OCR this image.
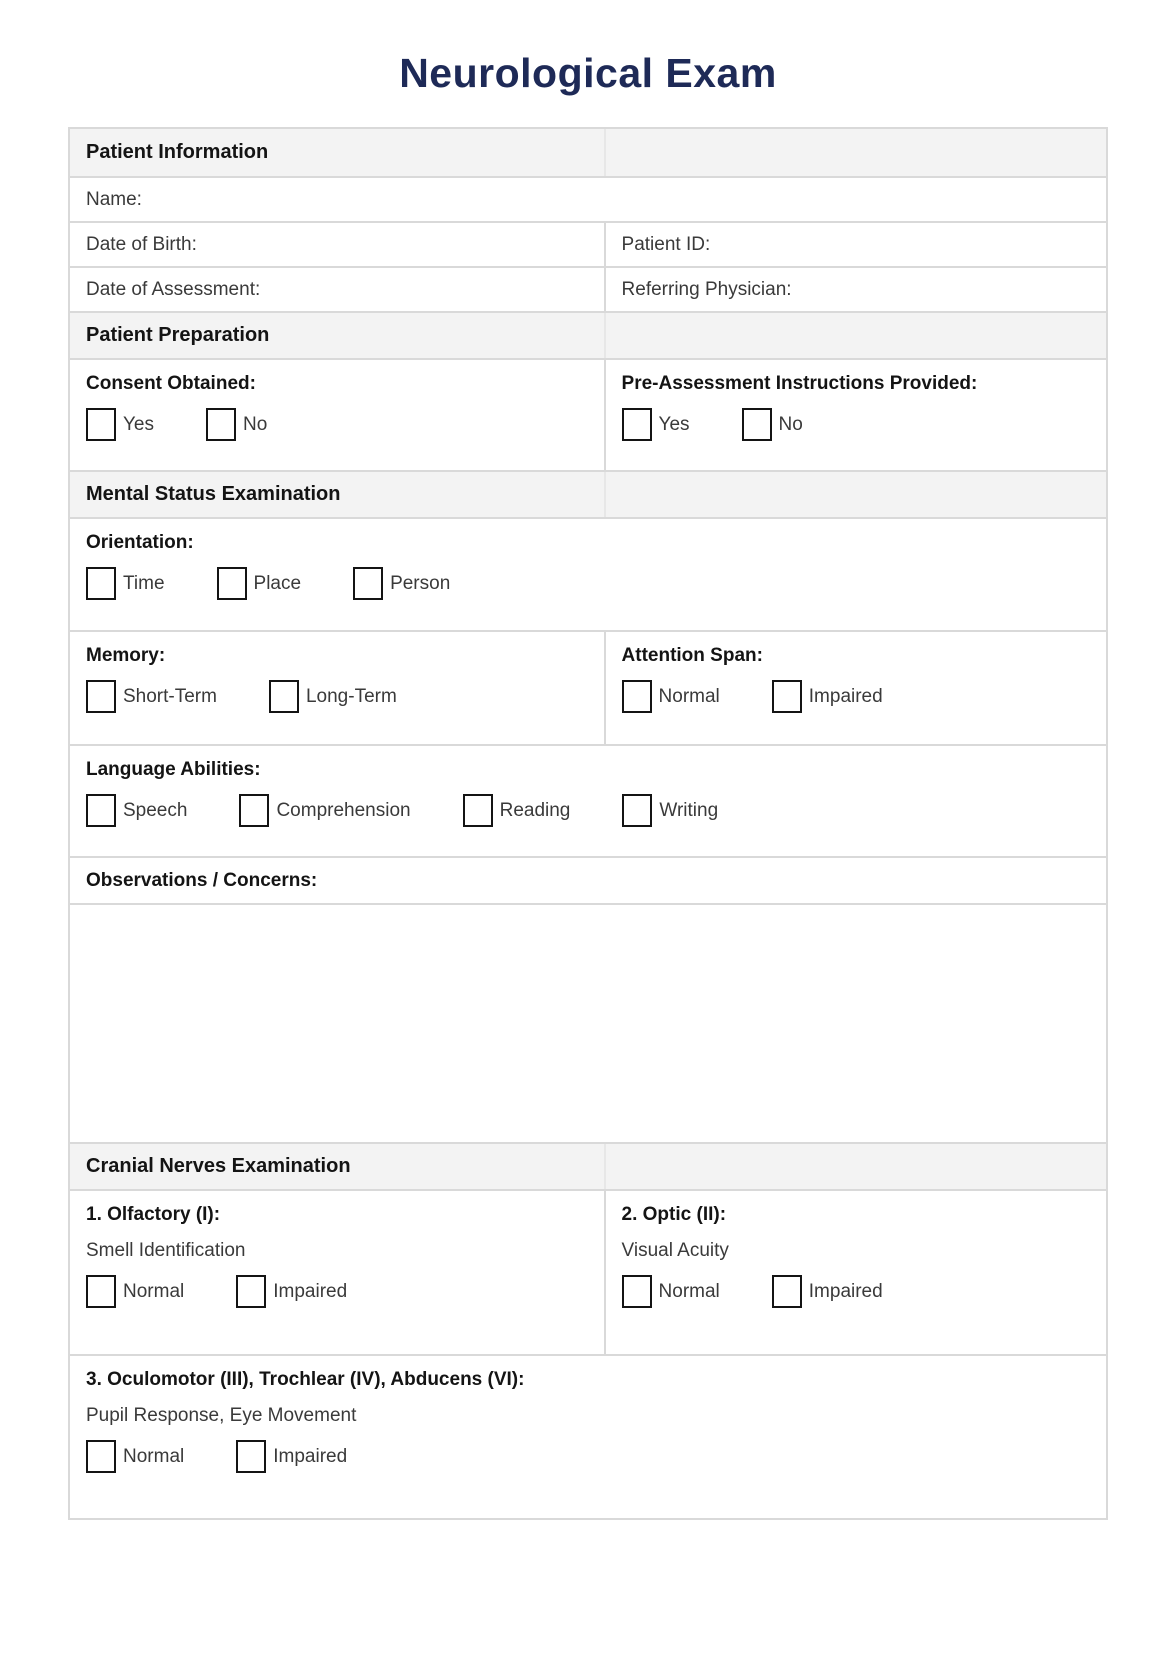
Neurological Exam
Patient Information
Name:
Date of Birth:	Patient ID:
Date of Assessment:	Referring Physician:
Patient Preparation
Consent Obtained:
Yes	No
Pre-Assessment Instructions Provided:
Yes	No
Mental Status Examination
Orientation:
Time	Place	Person
Memory:
Short-Term	Long-Term
Attention Span:
Normal	Impaired
Language Abilities:
Speech	Comprehension	Reading	Writing
Observations / Concerns:
Cranial Nerves Examination
1. Olfactory (I):
Smell Identification
Normal	Impaired
2. Optic (II):
Visual Acuity
Normal	Impaired
3. Oculomotor (III), Trochlear (IV), Abducens (VI):
Pupil Response, Eye Movement
Normal	Impaired
